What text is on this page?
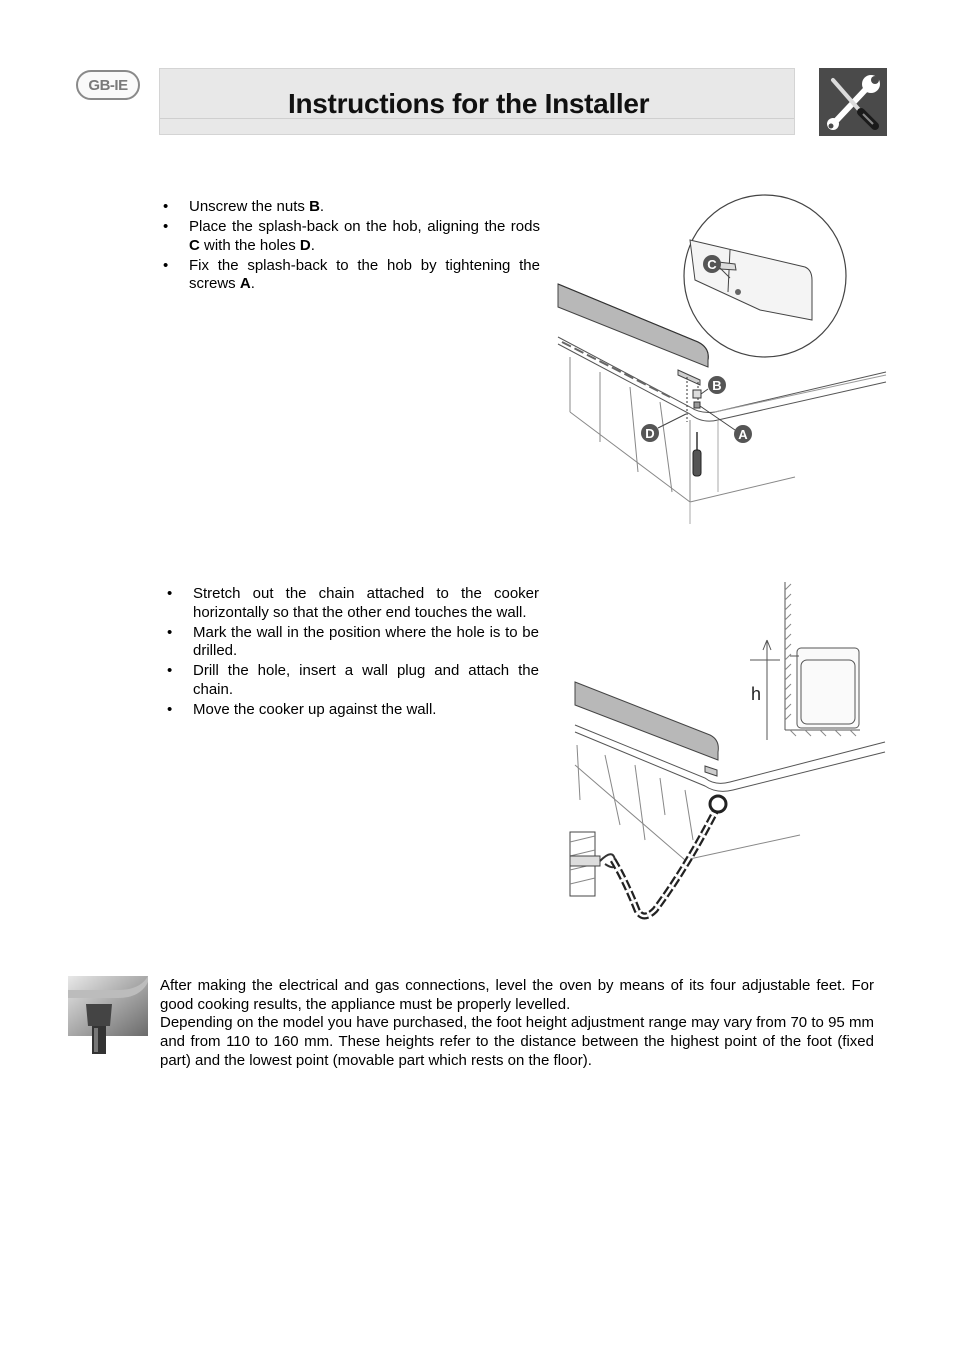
GB-IE
Instructions for the Installer
• Unscrew the nuts B.
• Place the splash-back on the hob, aligning the rods C with the holes D.
• Fix the splash-back to the hob by tightening the screws A.
C
B
A
D
• Stretch out the chain attached to the cooker horizontally so that the other end touches the wall.
• Mark the wall in the position where the hole is to be drilled.
• Drill the hole, insert a wall plug and attach the chain.
• Move the cooker up against the wall.
h

After making the electrical and gas connections, level the oven by means of its four adjustable feet. For good cooking results, the appliance must be properly levelled.

Depending on the model you have purchased, the foot height adjustment range may vary from 70 to 95 mm and from 110 to 160 mm. These heights refer to the distance between the highest point of the foot (fixed part) and the lowest point (movable part which rests on the floor).
